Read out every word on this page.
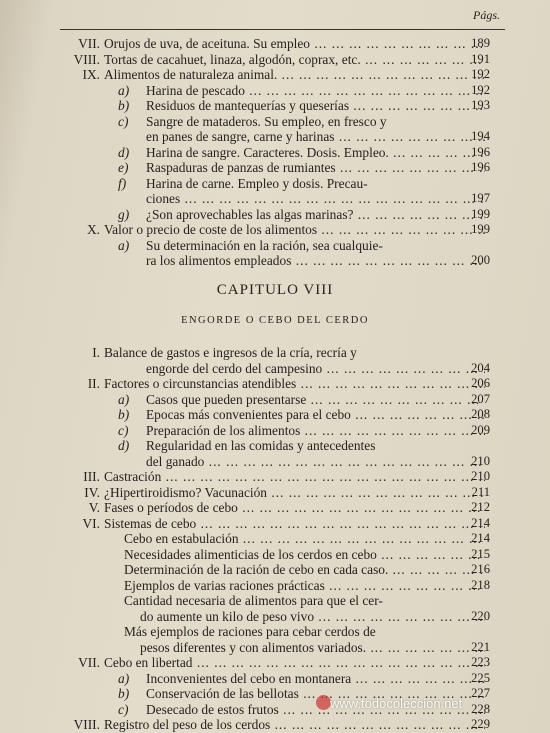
Págs.
VII. Orujos de uva, de aceituna. Su empleo ... .	189
VIII. Tortas de cacahuet, linaza, algodón, coprax, etc. ... .	191
IX. Alimentos de naturaleza animal. ... .	192
a) Harina de pescado ... .	192
b) Residuos de mantequerías y queserías ... .	193
c) Sangre de mataderos. Su empleo, en fresco y
en panes de sangre, carne y harinas ... .	194
d) Harina de sangre. Caracteres. Dosis. Empleo. ... .	196
e) Raspaduras de panzas de rumiantes ... .	196
f)	Harina de carne. Empleo y dosis. Precau-
ciones ... .	197
g) ¿Son aprovechables las algas marinas? ... .	199
X. Valor o precio de coste de los alimentos ... .	199
a) Su determinación en la ración, sea cualquie-
ra los alimentos empleados ... .	200
CAPITULO VIII
ENGORDE O CEBO DEL CERDO
I. Balance de gastos e ingresos de la cría, recría y
engorde del cerdo del campesino ... .	204
II. Factores o circunstancias atendibles ... .	206
a) Casos que pueden presentarse ... .	207
b) Epocas más convenientes para el cebo ... .	208
c) Preparación de los alimentos ... .	209
d) Regularidad en las comidas y antecedentes
del ganado ... .	210
III. Castración ... .	210
IV. ¿Hipertiroidismo? Vacunación ... .	211
V. Fases o períodos de cebo ... .	212
VI. Sistemas de cebo ... .	214
Cebo en estabulación ... .	214
Necesidades alimenticias de los cerdos en cebo ... .	215
Determinación de la ración de cebo en cada caso. ... .	216
Ejemplos de varias raciones prácticas ... .	218
Cantidad necesaria de alimentos para que el cer-
do aumente un kilo de peso vivo ... .	220
Más ejemplos de raciones para cebar cerdos de
pesos diferentes y con alimentos variados. ... .	221
VII. Cebo en libertad ... .	223
a) Inconvenientes del cebo en montanera ... .	225
b) Conservación de las bellotas ... .	227
c) Desecado de estos frutos ... .	228
VIII. Registro del peso de los cerdos ... .	229
www.todocoleccion.net
